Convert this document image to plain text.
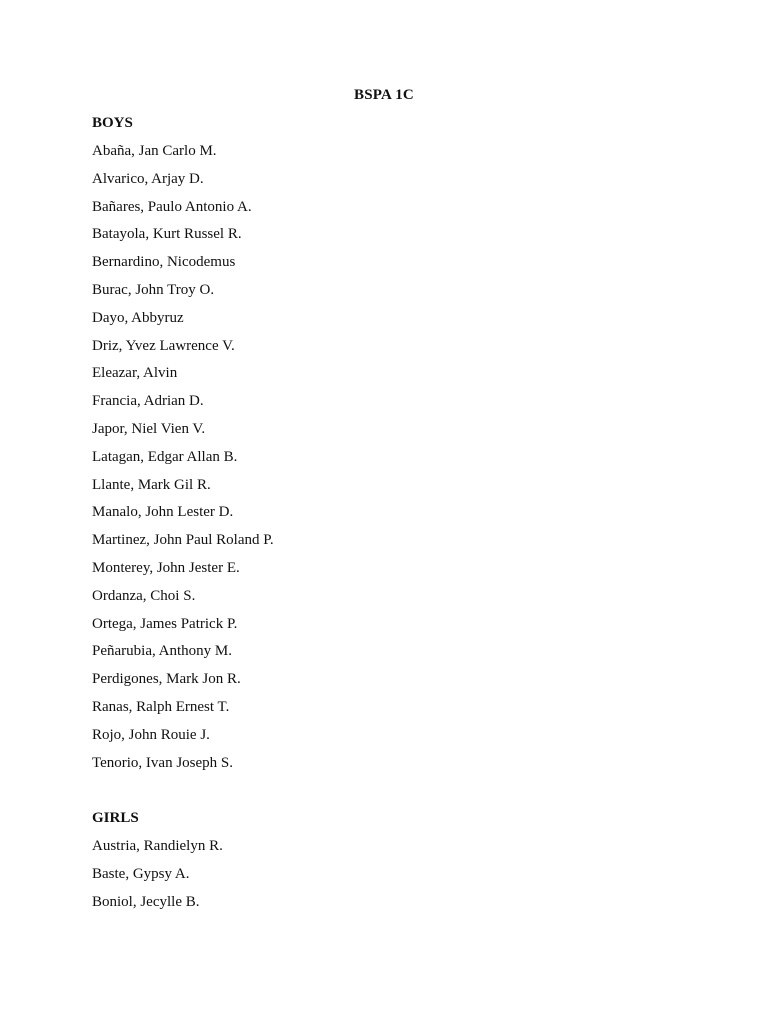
BSPA 1C
BOYS
Abaña, Jan Carlo M.
Alvarico, Arjay D.
Bañares, Paulo Antonio A.
Batayola, Kurt Russel R.
Bernardino, Nicodemus
Burac, John Troy O.
Dayo, Abbyruz
Driz, Yvez Lawrence V.
Eleazar, Alvin
Francia, Adrian D.
Japor, Niel Vien V.
Latagan, Edgar Allan B.
Llante, Mark Gil R.
Manalo, John Lester D.
Martinez, John Paul Roland P.
Monterey, John Jester E.
Ordanza, Choi S.
Ortega, James Patrick P.
Peñarubia, Anthony M.
Perdigones, Mark Jon R.
Ranas, Ralph Ernest T.
Rojo, John Rouie J.
Tenorio, Ivan Joseph S.
GIRLS
Austria, Randielyn R.
Baste, Gypsy A.
Boniol, Jecylle B.
